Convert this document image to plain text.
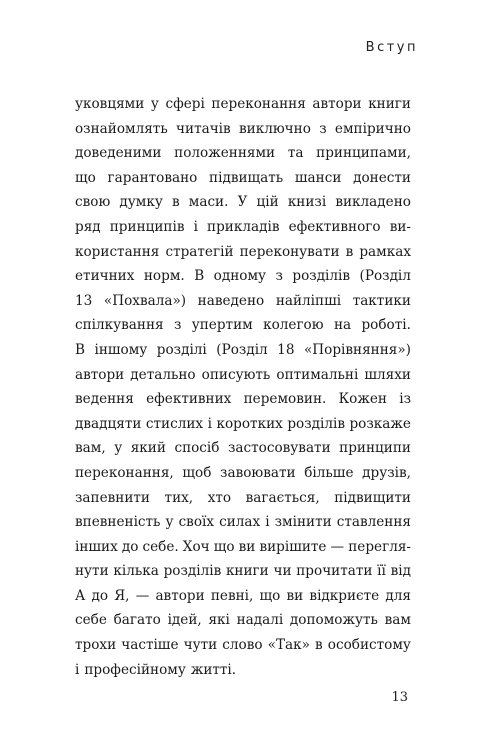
Вступ
уковцями у сфері переконання автори книги
ознайомлять читачів виключно з емпірично
доведеними положеннями та принципами,
що гарантовано підвищать шанси донести
свою думку в маси. У цій книзі викладено
ряд принципів і прикладів ефективного ви-
користання стратегій переконувати в рамках
етичних норм. В одному з розділів (Розділ
13 «Похвала») наведено найліпші тактики
спілкування з упертим колегою на роботі.
В іншому розділі (Розділ 18 «Порівняння»)
автори детально описують оптимальні шляхи
ведення ефективних перемовин. Кожен із
двадцяти стислих і коротких розділів розкаже
вам, у який спосіб застосовувати принципи
переконання, щоб завоювати більше друзів,
запевнити тих, хто вагається, підвищити
впевненість у своїх силах і змінити ставлення
інших до себе. Хоч що ви вирішите — перегля-
нути кілька розділів книги чи прочитати її від
А до Я, — автори певні, що ви відкриєте для
себе багато ідей, які надалі допоможуть вам
трохи частіше чути слово «Так» в особистому
і професійному житті.
13
